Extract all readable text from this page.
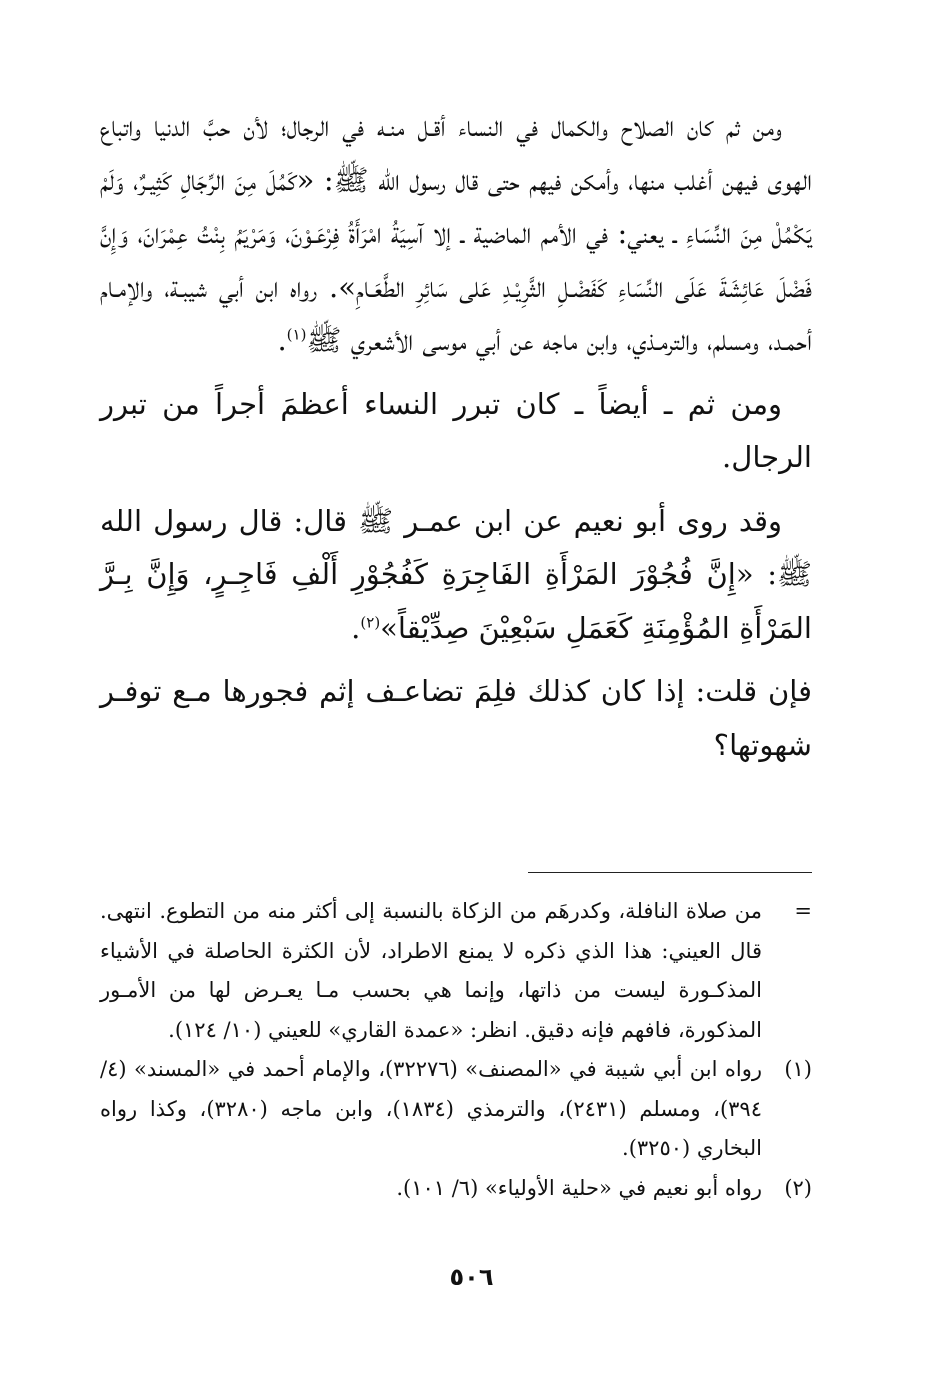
ومن ثم كان الصلاح والكمال في النساء أقـل منـه في الرجال؛ لأن حبَّ الدنيا واتباع الهوى فيهن أغلب منها، وأمكن فيهم حتى قال رسول الله ﷺ: «كَمُلَ مِنَ الرِّجَالِ كَثِيـرٌ، وَلَمْ يَكْمُلْ مِنَ النِّسَاءِ ـ يعني: في الأمم الماضية ـ إلا آسِيَةُ امْرَأَةُ فِرْعَـوْنَ، وَمَرْيَمُ بِنْتُ عِمْرَانَ، وَإِنَّ فَضْلَ عَائِشَةَ عَلَى النِّسَاءِ كَفَضْـلِ الثَّرِيْـدِ عَلى سَائِرِ الطَّعَـامِ». رواه ابن أبي شيبـة، والإمـام أحمـد، ومسلم، والترمـذي، وابن ماجه عن أبي موسى الأشعري ﷺ$^{(١)}$.

ومن ثم ـ أيضاً ـ كان تبرر النساء أعظمَ أجراً من تبرر الرجال.

وقد روى أبو نعيم عن ابن عمـر ﷺ قال: قال رسول الله ﷺ: «إِنَّ فُجُوْرَ المَرْأَةِ الفَاجِرَةِ كَفُجُوْرِ أَلْفِ فَاجِـرٍ، وَإِنَّ بِـرَّ المَرْأَةِ المُؤْمِنَةِ كَعَمَلِ سَبْعِيْنَ صِدِّيْقاً»$^{(٢)}$.

فإن قلت: إذا كان كذلك فلِمَ تضاعـف إثم فجورها مـع توفـر شهوتها؟

=
من صلاة النافلة، وكدرهَم من الزكاة بالنسبة إلى أكثر منه من التطوع. انتهى. قال العيني: هذا الذي ذكره لا يمنع الاطراد، لأن الكثرة الحاصلة في الأشياء المذكـورة ليست من ذاتها، وإنما هي بحسب مـا يعـرض لها من الأمـور المذكورة، فافهم فإنه دقيق. انظر: «عمدة القاري» للعيني (١٠/ ١٢٤).
(١)
رواه ابن أبي شيبة في «المصنف» (٣٢٢٧٦)، والإمام أحمد في «المسند» (٤/ ٣٩٤)، ومسلم (٢٤٣١)، والترمذي (١٨٣٤)، وابن ماجه (٣٢٨٠)، وكذا رواه البخاري (٣٢٥٠).
(٢)
رواه أبو نعيم في «حلية الأولياء» (٦/ ١٠١).
٥٠٦
